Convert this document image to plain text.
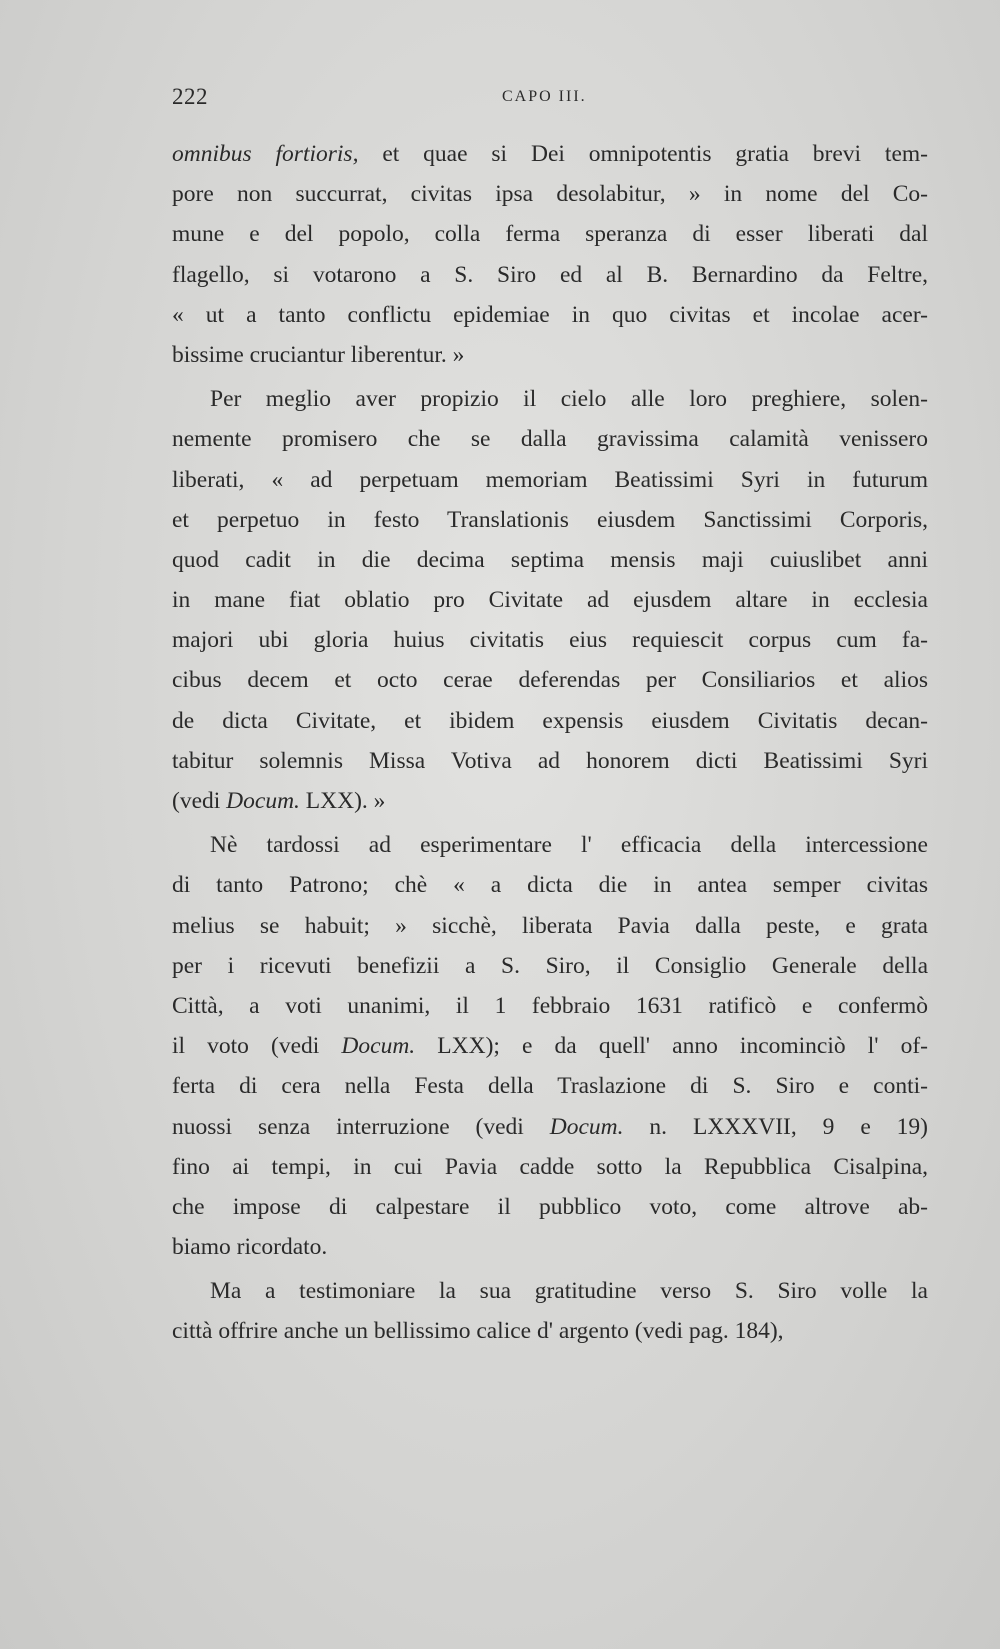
222	CAPO III.
omnibus fortioris, et quae si Dei omnipotentis gratia brevi tem-
pore non succurrat, civitas ipsa desolabitur, » in nome del Co-
mune e del popolo, colla ferma speranza di esser liberati dal
flagello, si votarono a S. Siro ed al B. Bernardino da Feltre,
« ut a tanto conflictu epidemiae in quo civitas et incolae acer-
bissime cruciantur liberentur. »
Per meglio aver propizio il cielo alle loro preghiere, solen-
nemente promisero che se dalla gravissima calamità venissero
liberati, « ad perpetuam memoriam Beatissimi Syri in futurum
et perpetuo in festo Translationis eiusdem Sanctissimi Corporis,
quod cadit in die decima septima mensis maji cuiuslibet anni
in mane fiat oblatio pro Civitate ad ejusdem altare in ecclesia
majori ubi gloria huius civitatis eius requiescit corpus cum fa-
cibus decem et octo cerae deferendas per Consiliarios et alios
de dicta Civitate, et ibidem expensis eiusdem Civitatis decan-
tabitur solemnis Missa Votiva ad honorem dicti Beatissimi Syri
(vedi Docum. LXX). »
Nè tardossi ad esperimentare l' efficacia della intercessione
di tanto Patrono; chè « a dicta die in antea semper civitas
melius se habuit; » sicchè, liberata Pavia dalla peste, e grata
per i ricevuti benefizii a S. Siro, il Consiglio Generale della
Città, a voti unanimi, il 1 febbraio 1631 ratificò e confermò
il voto (vedi Docum. LXX); e da quell' anno incominciò l' of-
ferta di cera nella Festa della Traslazione di S. Siro e conti-
nuossi senza interruzione (vedi Docum. n. LXXXVII, 9 e 19)
fino ai tempi, in cui Pavia cadde sotto la Repubblica Cisalpina,
che impose di calpestare il pubblico voto, come altrove ab-
biamo ricordato.
Ma a testimoniare la sua gratitudine verso S. Siro volle la
città offrire anche un bellissimo calice d' argento (vedi pag. 184),
